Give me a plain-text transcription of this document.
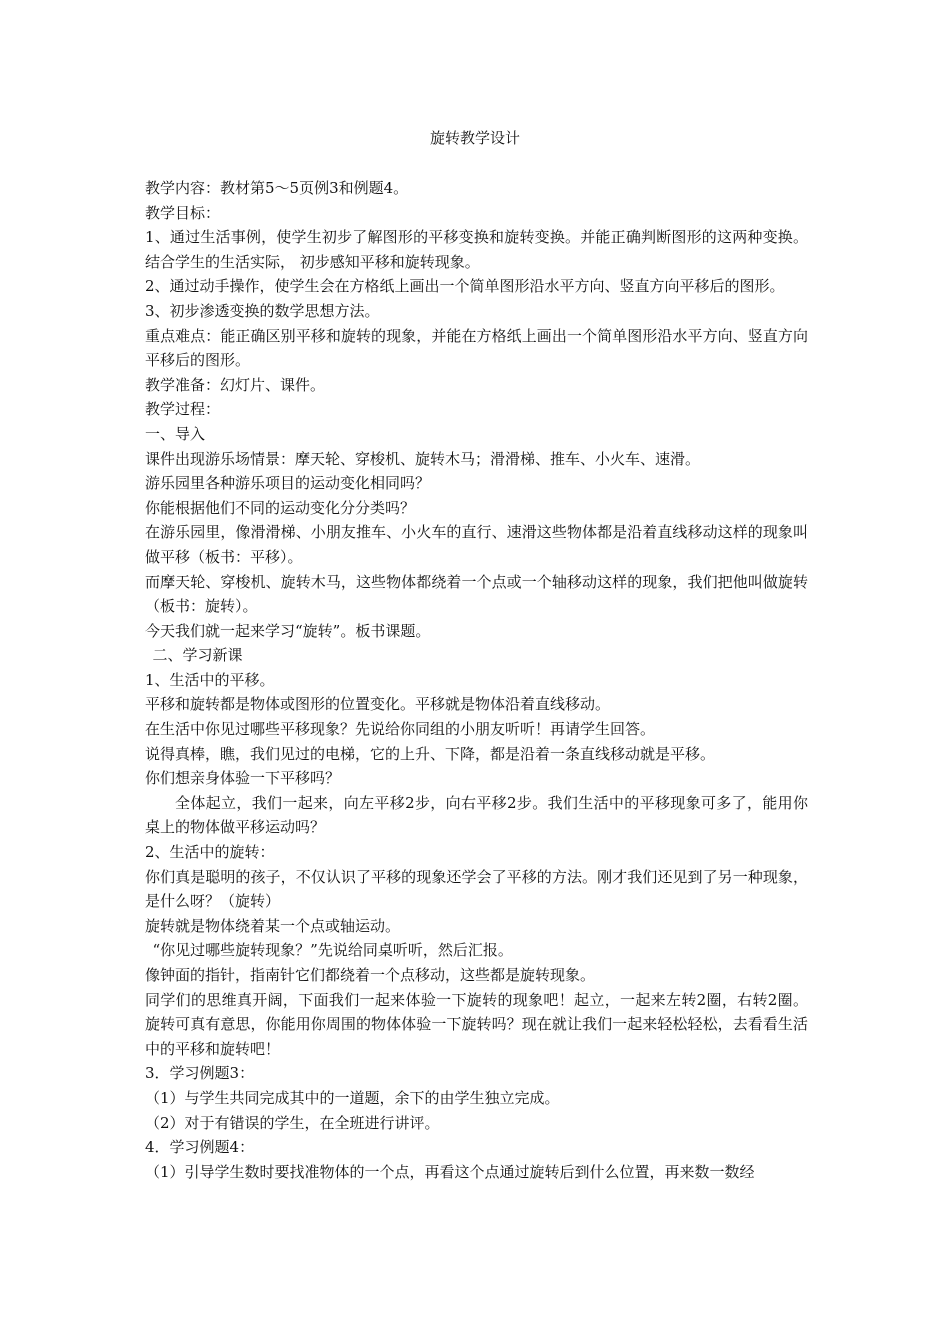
旋转教学设计

教学内容：教材第5～5页例3和例题4。

教学目标：

1、通过生活事例，使学生初步了解图形的平移变换和旋转变换。并能正确判断图形的这两种变换。结合学生的生活实际， 初步感知平移和旋转现象。

2、通过动手操作，使学生会在方格纸上画出一个简单图形沿水平方向、竖直方向平移后的图形。

3、初步渗透变换的数学思想方法。

重点难点：能正确区别平移和旋转的现象，并能在方格纸上画出一个简单图形沿水平方向、竖直方向平移后的图形。

教学准备：幻灯片、课件。

教学过程：

一、导入

课件出现游乐场情景：摩天轮、穿梭机、旋转木马；滑滑梯、推车、小火车、速滑。

游乐园里各种游乐项目的运动变化相同吗？

你能根据他们不同的运动变化分分类吗？

在游乐园里，像滑滑梯、小朋友推车、小火车的直行、速滑这些物体都是沿着直线移动这样的现象叫做平移（板书：平移）。

而摩天轮、穿梭机、旋转木马，这些物体都绕着一个点或一个轴移动这样的现象，我们把他叫做旋转（板书：旋转）。

今天我们就一起来学习“旋转”。板书课题。

二、学习新课

1、生活中的平移。

平移和旋转都是物体或图形的位置变化。平移就是物体沿着直线移动。

在生活中你见过哪些平移现象？先说给你同组的小朋友听听！再请学生回答。

说得真棒，瞧，我们见过的电梯，它的上升、下降，都是沿着一条直线移动就是平移。

你们想亲身体验一下平移吗？

全体起立，我们一起来，向左平移2步，向右平移2步。我们生活中的平移现象可多了，能用你桌上的物体做平移运动吗？

2、生活中的旋转：

你们真是聪明的孩子，不仅认识了平移的现象还学会了平移的方法。刚才我们还见到了另一种现象，是什么呀？（旋转）

旋转就是物体绕着某一个点或轴运动。

“你见过哪些旋转现象？”先说给同桌听听，然后汇报。

像钟面的指针，指南针它们都绕着一个点移动，这些都是旋转现象。

同学们的思维真开阔，下面我们一起来体验一下旋转的现象吧！起立，一起来左转2圈，右转2圈。旋转可真有意思，你能用你周围的物体体验一下旋转吗？现在就让我们一起来轻松轻松，去看看生活中的平移和旋转吧！

3．学习例题3：

（1）与学生共同完成其中的一道题，余下的由学生独立完成。

（2）对于有错误的学生，在全班进行讲评。

4．学习例题4：

（1）引导学生数时要找准物体的一个点，再看这个点通过旋转后到什么位置，再来数一数经
